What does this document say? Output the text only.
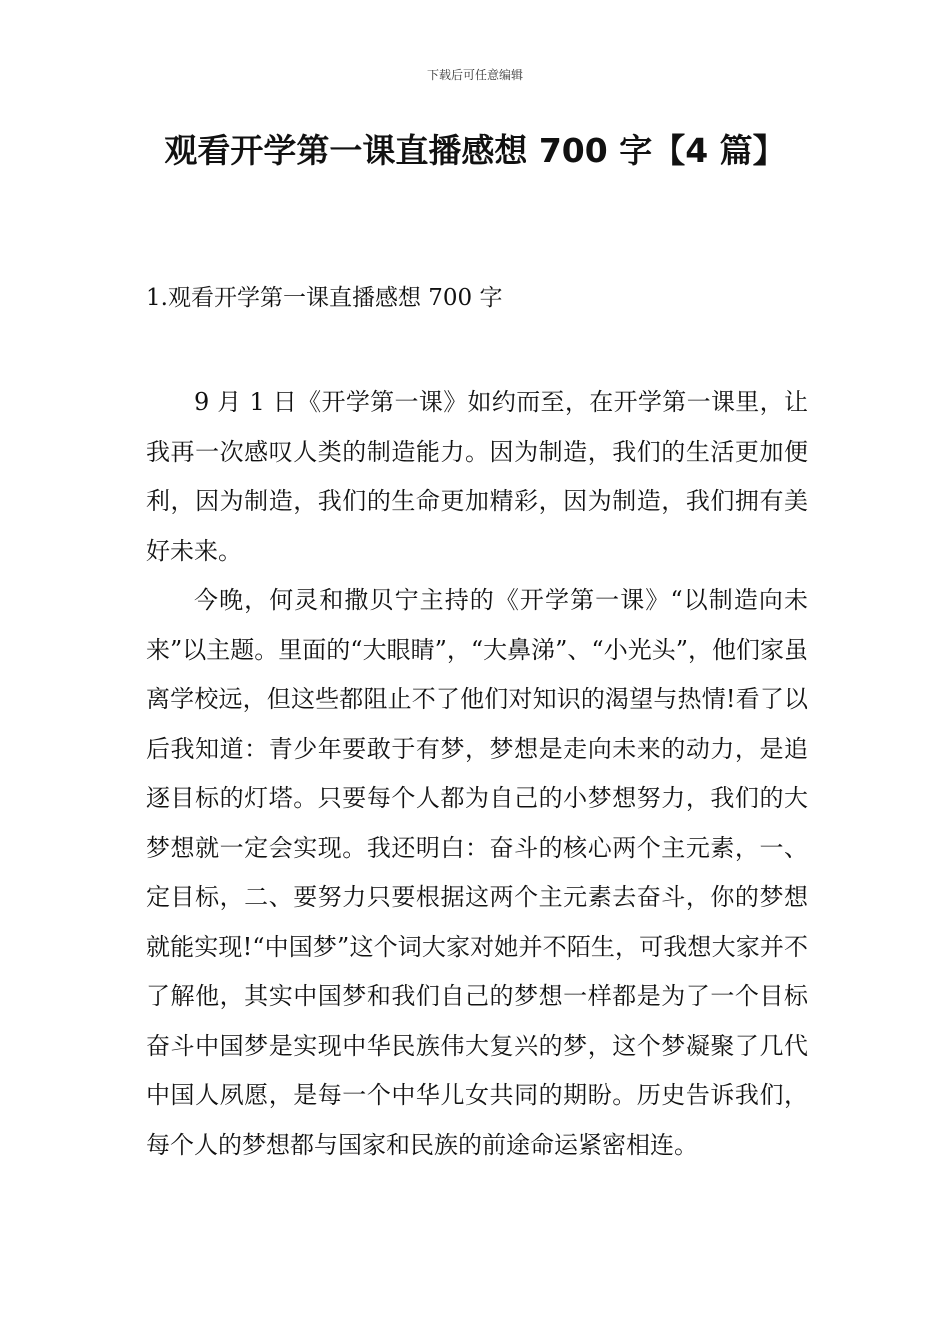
下载后可任意编辑
观看开学第一课直播感想 700 字【4 篇】
1.观看开学第一课直播感想 700 字

9 月 1 日《开学第一课》如约而至，在开学第一课里，让我再一次感叹人类的制造能力。因为制造，我们的生活更加便利，因为制造，我们的生命更加精彩，因为制造，我们拥有美好未来。

今晚，何灵和撒贝宁主持的《开学第一课》“以制造向未来”以主题。里面的“大眼睛”，“大鼻涕”、“小光头”，他们家虽离学校远，但这些都阻止不了他们对知识的渴望与热情!看了以后我知道：青少年要敢于有梦，梦想是走向未来的动力，是追逐目标的灯塔。只要每个人都为自己的小梦想努力，我们的大梦想就一定会实现。我还明白：奋斗的核心两个主元素，一、定目标，二、要努力只要根据这两个主元素去奋斗，你的梦想就能实现!“中国梦”这个词大家对她并不陌生，可我想大家并不了解他，其实中国梦和我们自己的梦想一样都是为了一个目标奋斗中国梦是实现中华民族伟大复兴的梦，这个梦凝聚了几代中国人夙愿，是每一个中华儿女共同的期盼。历史告诉我们，每个人的梦想都与国家和民族的前途命运紧密相连。
